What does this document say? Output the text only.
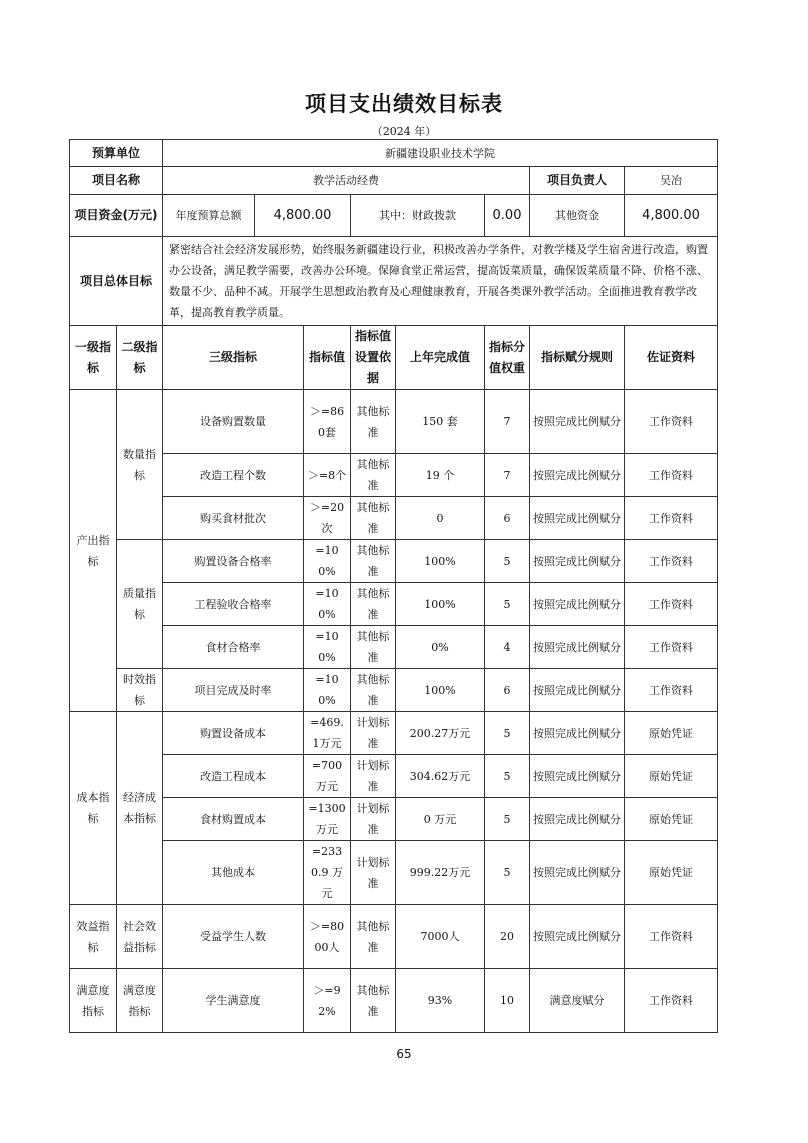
项目支出绩效目标表
（2024 年）
预算单位		新疆建设职业技术学院							
项目名称		教学活动经费						项目负责人	吴冶
项目资金(万元)		年度预算总额	4,800.00		其中：财政拨款		0.00	其他资金	4,800.00
项目总体目标		紧密结合社会经济发展形势，始终服务新疆建设行业，积极改善办学条件，对教学楼及学生宿舍进行改造，购置办公设备，满足教学需要，改善办公环境。保障食堂正常运营，提高饭菜质量，确保饭菜质量不降、价格不涨、数量不少、品种不减。开展学生思想政治教育及心理健康教育，开展各类课外教学活动。全面推进教育教学改革，提高教育教学质量。							
一级指标	二级指标	三级指标		指标值	指标值设置依据	上年完成值	指标分值权重	指标赋分规则	佐证资料
产出指标	数量指标	设备购置数量		＞=860套	其他标准	150 套	7	按照完成比例赋分	工作资料
		改造工程个数		＞=8个	其他标准	19 个	7	按照完成比例赋分	工作资料
		购买食材批次		＞=20次	其他标准	0	6	按照完成比例赋分	工作资料
	质量指标	购置设备合格率		=100%	其他标准	100%	5	按照完成比例赋分	工作资料
		工程验收合格率		=100%	其他标准	100%	5	按照完成比例赋分	工作资料
		食材合格率		=100%	其他标准	0%	4	按照完成比例赋分	工作资料
	时效指标	项目完成及时率		=100%	其他标准	100%	6	按照完成比例赋分	工作资料
成本指标	经济成本指标	购置设备成本		=469.1万元	计划标准	200.27万元	5	按照完成比例赋分	原始凭证
		改造工程成本		=700万元	计划标准	304.62万元	5	按照完成比例赋分	原始凭证
		食材购置成本		=1300万元	计划标准	0 万元	5	按照完成比例赋分	原始凭证
		其他成本		=2330.9 万元	计划标准	999.22万元	5	按照完成比例赋分	原始凭证
效益指标	社会效益指标	受益学生人数		＞=8000人	其他标准	7000人	20	按照完成比例赋分	工作资料
满意度指标	满意度指标	学生满意度		＞=92%	其他标准	93%	10	满意度赋分	工作资料
65
